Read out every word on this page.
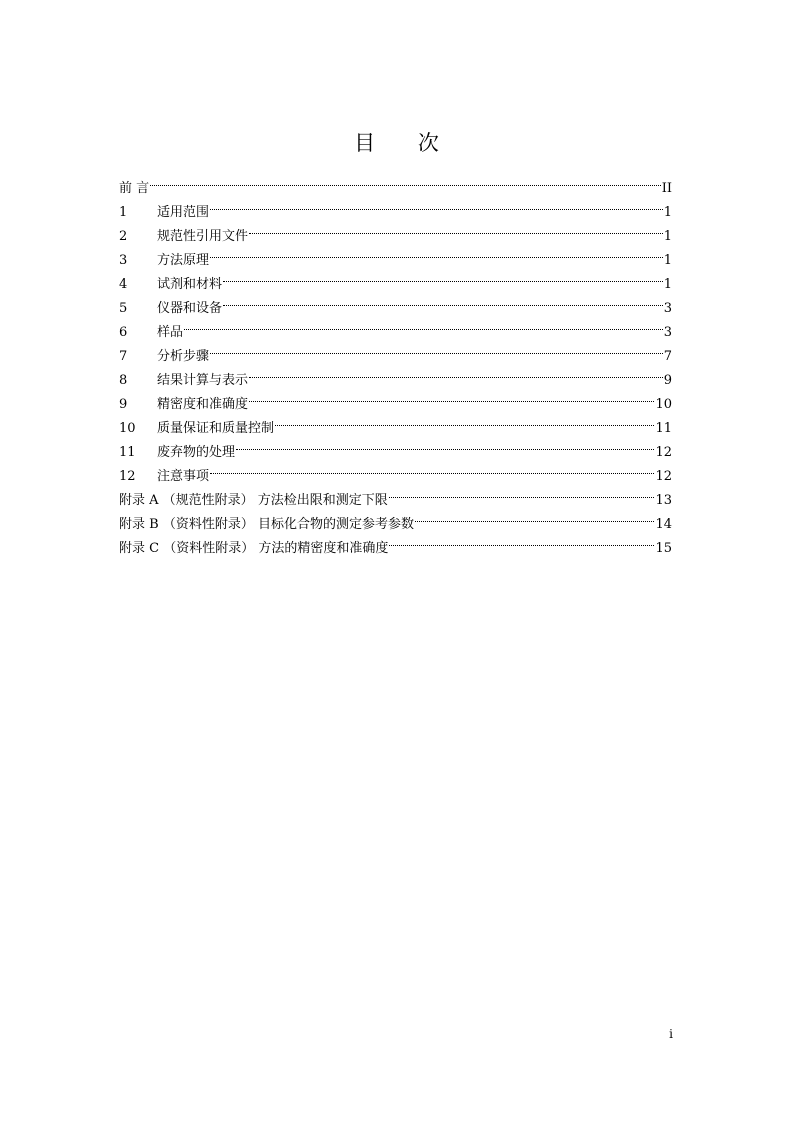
目 次
前 言	II
1	适用范围	1
2	规范性引用文件	1
3	方法原理	1
4	试剂和材料	1
5	仪器和设备	3
6	样品	3
7	分析步骤	7
8	结果计算与表示	9
9	精密度和准确度	10
10	质量保证和质量控制	11
11	废弃物的处理	12
12	注意事项	12
附录 A （规范性附录） 方法检出限和测定下限	13
附录 B （资料性附录） 目标化合物的测定参考参数	14
附录 C （资料性附录） 方法的精密度和准确度	15
i
